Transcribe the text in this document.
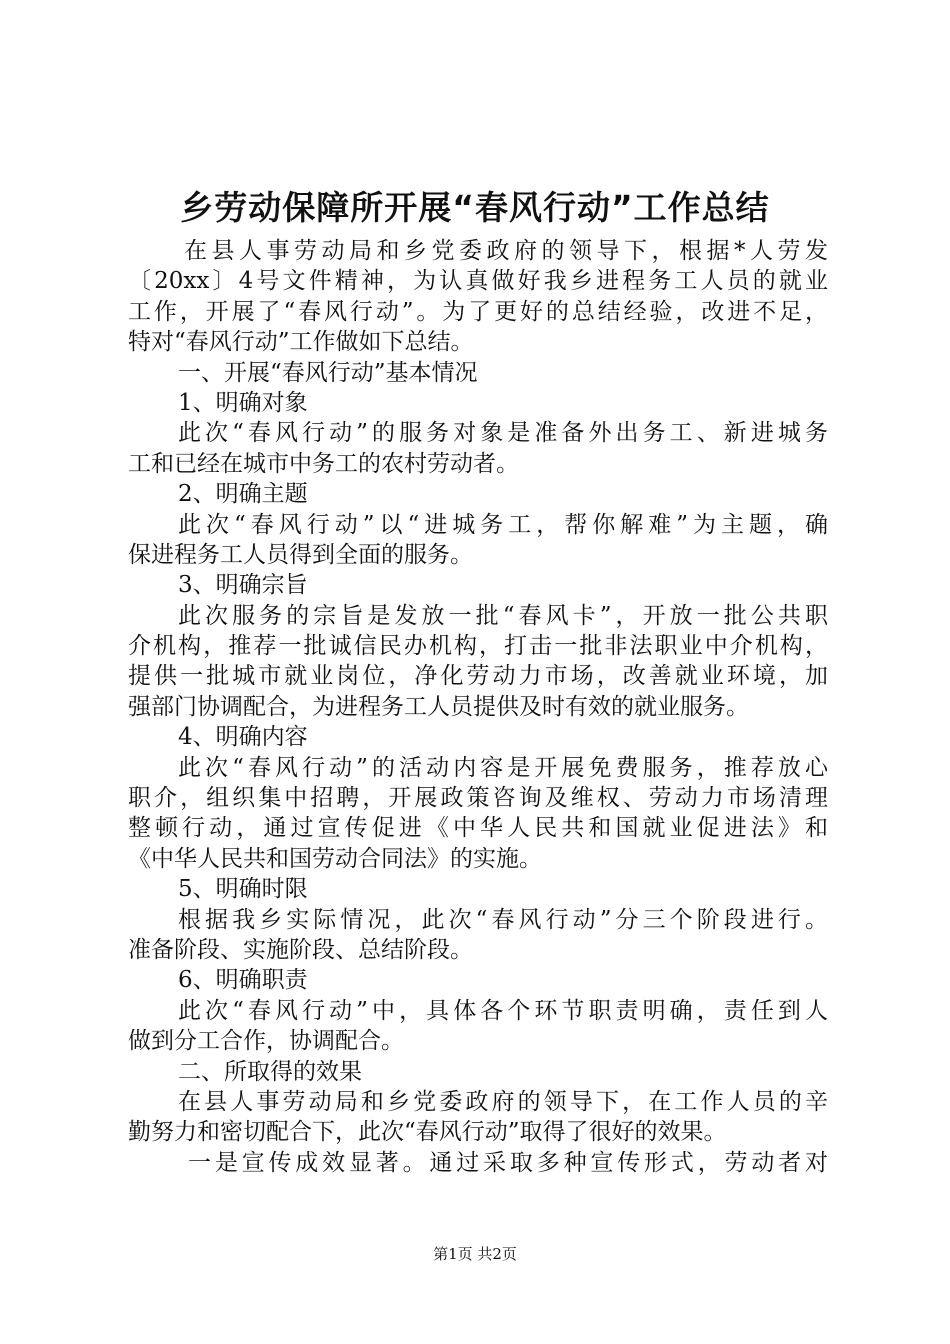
乡劳动保障所开展“春风行动”工作总结
在县人事劳动局和乡党委政府的领导下，根据*人劳发
〔20xx〕4号文件精神，为认真做好我乡进程务工人员的就业
工作，开展了“春风行动”。为了更好的总结经验，改进不足，
特对“春风行动”工作做如下总结。
一、开展“春风行动”基本情况
1、明确对象
此次“春风行动”的服务对象是准备外出务工、新进城务
工和已经在城市中务工的农村劳动者。
2、明确主题
此次“春风行动”以“进城务工，帮你解难”为主题，确
保进程务工人员得到全面的服务。
3、明确宗旨
此次服务的宗旨是发放一批“春风卡”，开放一批公共职
介机构，推荐一批诚信民办机构，打击一批非法职业中介机构，
提供一批城市就业岗位，净化劳动力市场，改善就业环境，加
强部门协调配合，为进程务工人员提供及时有效的就业服务。
4、明确内容
此次“春风行动”的活动内容是开展免费服务，推荐放心
职介，组织集中招聘，开展政策咨询及维权、劳动力市场清理
整顿行动，通过宣传促进《中华人民共和国就业促进法》和
《中华人民共和国劳动合同法》的实施。
5、明确时限
根据我乡实际情况，此次“春风行动”分三个阶段进行。
准备阶段、实施阶段、总结阶段。
6、明确职责
此次“春风行动”中，具体各个环节职责明确，责任到人
做到分工合作，协调配合。
二、所取得的效果
在县人事劳动局和乡党委政府的领导下，在工作人员的辛
勤努力和密切配合下，此次“春风行动”取得了很好的效果。
一是宣传成效显著。通过采取多种宣传形式，劳动者对
第1页 共2页
